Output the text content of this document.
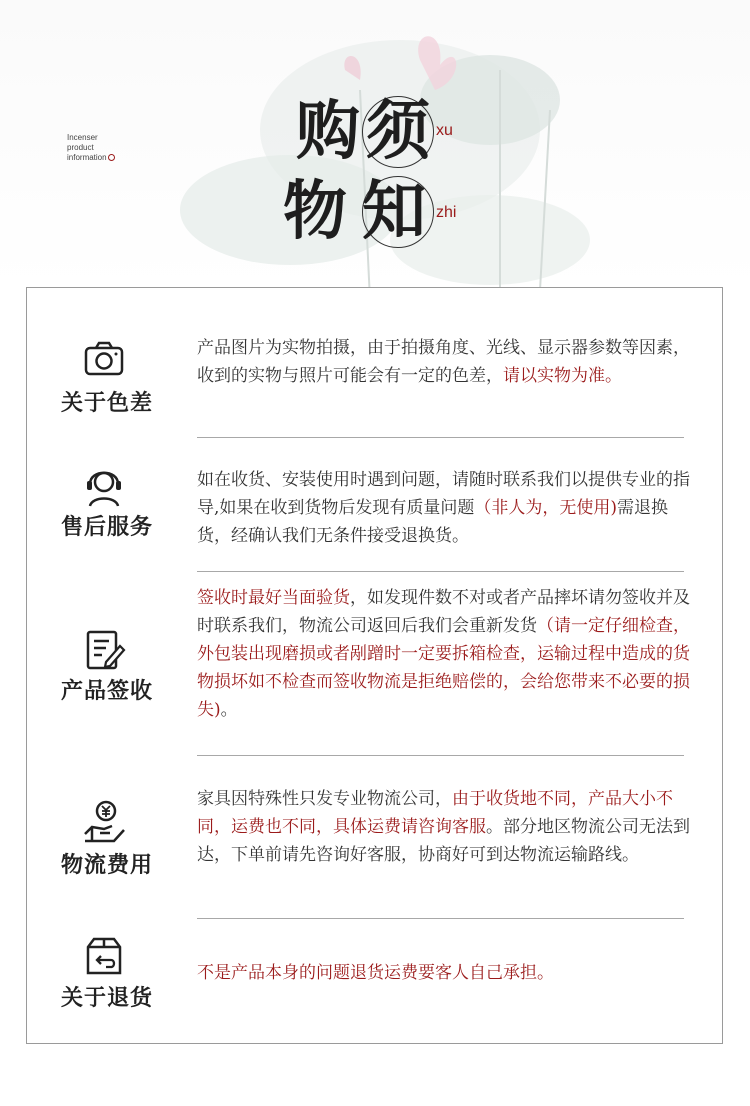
Incenser
product
information	购 须 xu
物 知 zhi
关于色差
产品图片为实物拍摄，由于拍摄角度、光线、显示器参数等因素，收到的实物与照片可能会有一定的色差，请以实物为准。
售后服务
如在收货、安装使用时遇到问题，请随时联系我们以提供专业的指导,如果在收到货物后发现有质量问题（非人为，无使用)需退换货，经确认我们无条件接受退换货。
产品签收
签收时最好当面验货，如发现件数不对或者产品摔坏请勿签收并及时联系我们，物流公司返回后我们会重新发货（请一定仔细检查，外包装出现磨损或者剐蹭时一定要拆箱检查，运输过程中造成的货物损坏如不检查而签收物流是拒绝赔偿的，会给您带来不必要的损失)。
物流费用
家具因特殊性只发专业物流公司，由于收货地不同，产品大小不同，运费也不同，具体运费请咨询客服。部分地区物流公司无法到达，下单前请先咨询好客服，协商好可到达物流运输路线。
关于退货
不是产品本身的问题退货运费要客人自己承担。
